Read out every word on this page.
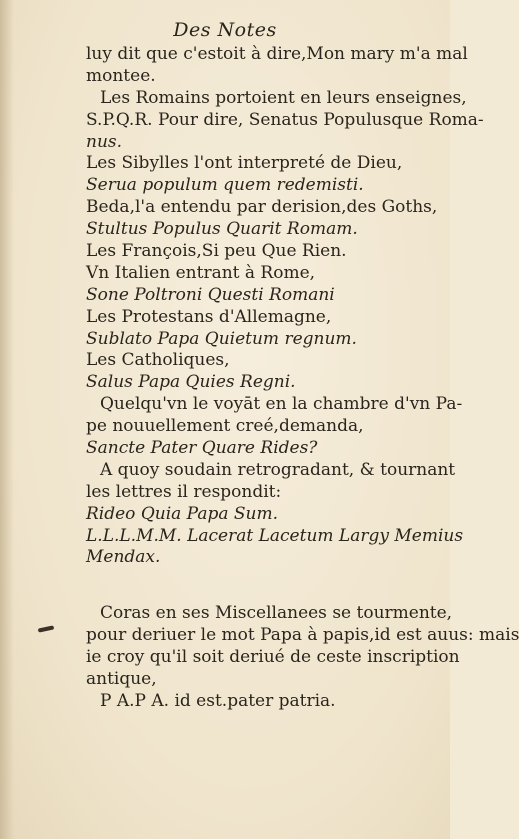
Des Notes
luy dit que c'estoit à dire,Mon mary m'a mal
montee.
Les Romains portoient en leurs enseignes,
S.P.Q.R. Pour dire, Senatus Populusque Roma-
nus.
Les Sibylles l'ont interpreté de Dieu,
Serua populum quem redemisti.
Beda,l'a entendu par derision,des Goths,
Stultus Populus Quarit Romam.
Les François,Si peu Que Rien.
Vn Italien entrant à Rome,
Sone Poltroni Questi Romani
Les Protestans d'Allemagne,
Sublato Papa Quietum regnum.
Les Catholiques,
Salus Papa Quies Regni.
Quelqu'vn le voyāt en la chambre d'vn Pa-
pe nouuellement creé,demanda,
Sancte Pater Quare Rides?
A quoy soudain retrogradant, & tournant
les lettres il respondit:
Rideo Quia Papa Sum.
L.L.L.M.M. Lacerat Lacetum Largy Memius
Mendax.
Coras en ses Miscellanees se tourmente,
pour deriuer le mot Papa à papis,id est auus: mais
ie croy qu'il soit deriué de ceste inscription
antique,
P A.P A. id est.pater patria.
